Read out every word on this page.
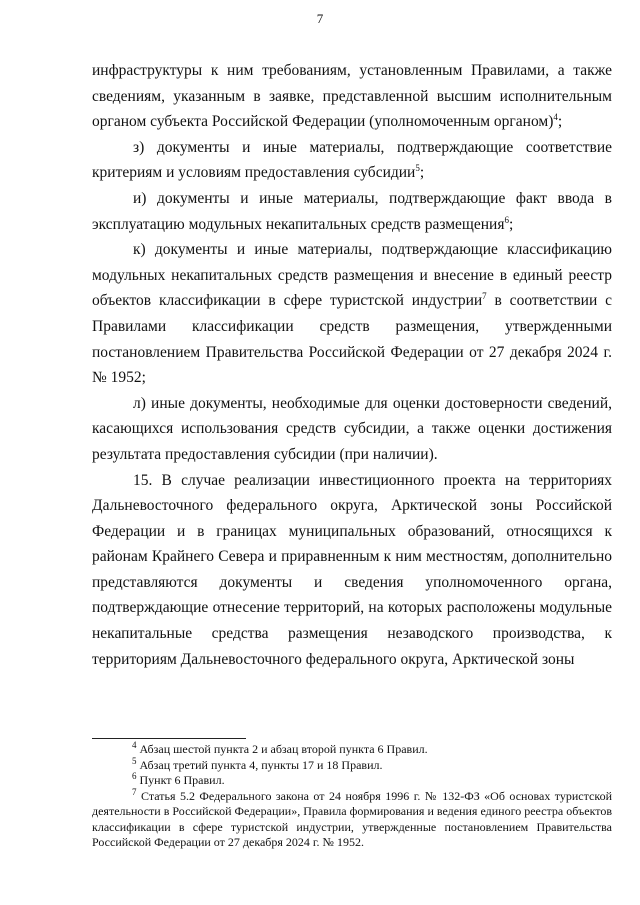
7

инфраструктуры к ним требованиям, установленным Правилами, а также сведениям, указанным в заявке, представленной высшим исполнительным органом субъекта Российской Федерации (уполномоченным органом)$^4$;

з) документы и иные материалы, подтверждающие соответствие критериям и условиям предоставления субсидии$^5$;

и) документы и иные материалы, подтверждающие факт ввода в эксплуатацию модульных некапитальных средств размещения$^6$;

к) документы и иные материалы, подтверждающие классификацию модульных некапитальных средств размещения и внесение в единый реестр объектов классификации в сфере туристской индустрии$^7$ в соответствии с Правилами классификации средств размещения, утвержденными постановлением Правительства Российской Федерации от 27 декабря 2024 г. № 1952;

л) иные документы, необходимые для оценки достоверности сведений, касающихся использования средств субсидии, а также оценки достижения результата предоставления субсидии (при наличии).

15. В случае реализации инвестиционного проекта на территориях Дальневосточного федерального округа, Арктической зоны Российской Федерации и в границах муниципальных образований, относящихся к районам Крайнего Севера и приравненным к ним местностям, дополнительно представляются документы и сведения уполномоченного органа, подтверждающие отнесение территорий, на которых расположены модульные некапитальные средства размещения незаводского производства, к территориям Дальневосточного федерального округа, Арктической зоны

$^4$ Абзац шестой пункта 2 и абзац второй пункта 6 Правил.

$^5$ Абзац третий пункта 4, пункты 17 и 18 Правил.

$^6$ Пункт 6 Правил.

$^7$ Статья 5.2 Федерального закона от 24 ноября 1996 г. № 132-ФЗ «Об основах туристской деятельности в Российской Федерации», Правила формирования и ведения единого реестра объектов классификации в сфере туристской индустрии, утвержденные постановлением Правительства Российской Федерации от 27 декабря 2024 г. № 1952.
